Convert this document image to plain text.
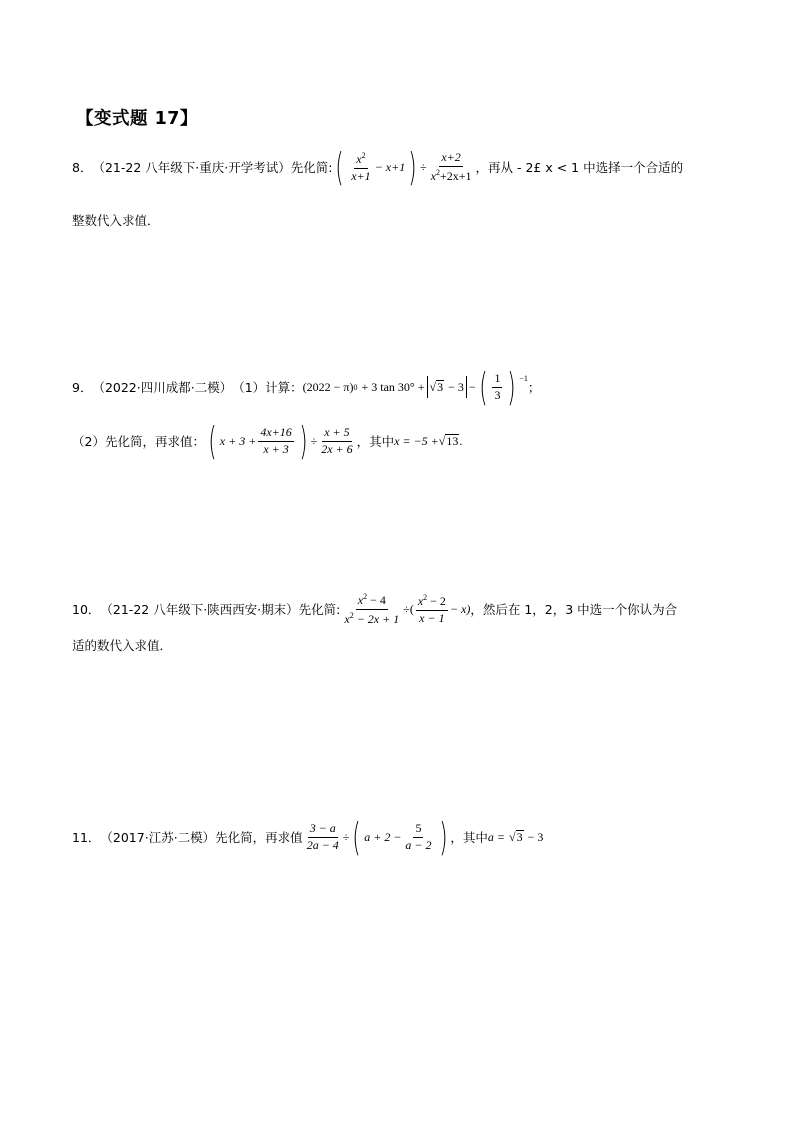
【变式题 17】
8． （21-22 八年级下·重庆·开学考试） 先化简: ( $\frac{x^2}{x+1} - x+1$ ) ÷ $\frac{x+2}{x^2+2x+1}$ ，再从 - 2£ x < 1 中选择一个合适的
整数代入求值．
9． （2022·四川成都·二模） （1）计算： (2022 − π) 0 + 3 tan 30° + √ 3 − 3 − ( $\frac{1}{3}$ ) $^{-1}$
；
（2）先化简，再求值： ( $x + 3 + \frac{4x+16}{x + 3}$ ) ÷ $\frac{x + 5}{2x + 6}$ ，其中 x = −5 + √ 13 .
10． （21-22 八年级下·陕西西安·期末） 先化简: $\frac{x^2 - 4}{x^2 - 2x + 1}$ ÷( $\frac{x^2 - 2}{x - 1} - x$) ，然后在 1，2，3 中选一个你认为合
适的数代入求值．
11． （2017·江苏·二模） 先化简，再求值 $\frac{3 - a}{2a - 4}$ ÷ ( $a + 2 - \frac{5}{a - 2}$ ) ，其中 a = √ 3 − 3
